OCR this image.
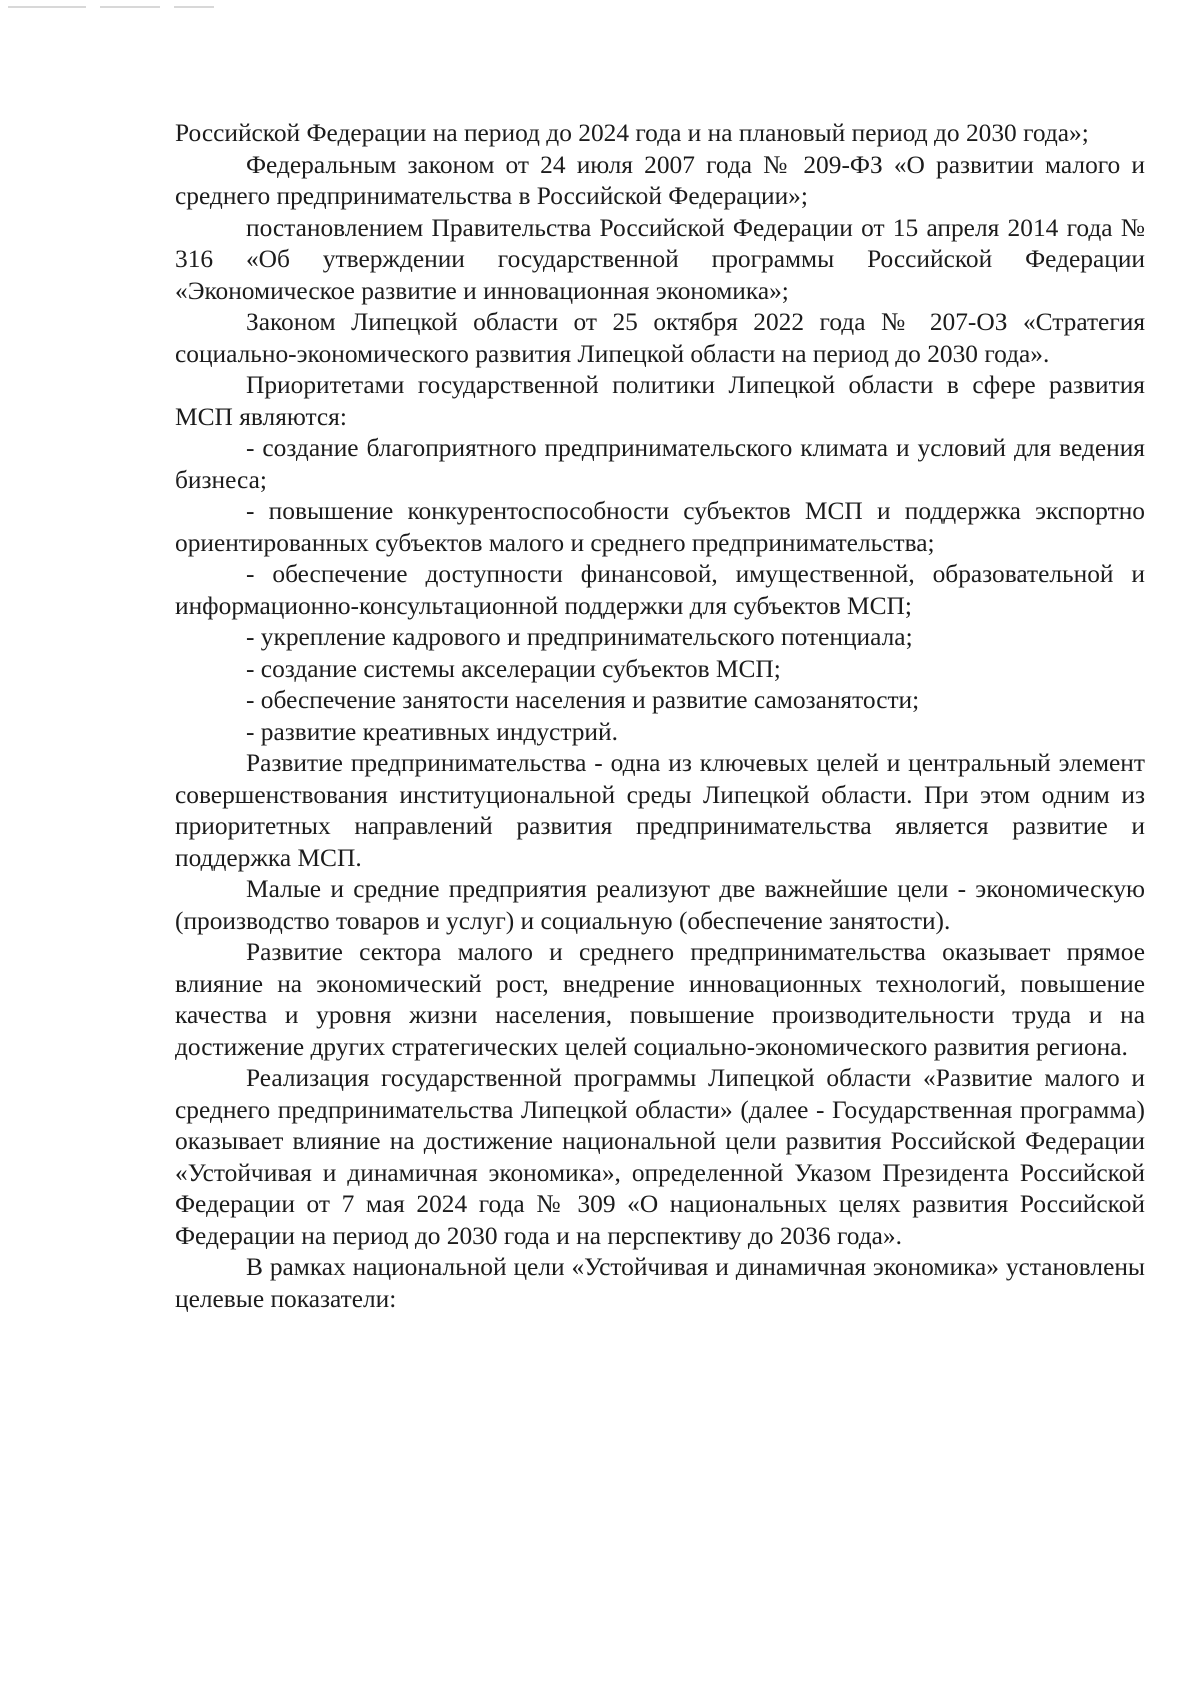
Российской Федерации на период до 2024 года и на плановый период до 2030 года»;

Федеральным законом от 24 июля 2007 года № 209-ФЗ «О развитии малого и среднего предпринимательства в Российской Федерации»;

постановлением Правительства Российской Федерации от 15 апреля 2014 года № 316 «Об утверждении государственной программы Российской Федерации «Экономическое развитие и инновационная экономика»;

Законом Липецкой области от 25 октября 2022 года № 207-ОЗ «Стратегия социально-экономического развития Липецкой области на период до 2030 года».

Приоритетами государственной политики Липецкой области в сфере развития МСП являются:

- создание благоприятного предпринимательского климата и условий для ведения бизнеса;

- повышение конкурентоспособности субъектов МСП и поддержка экспортно ориентированных субъектов малого и среднего предпринимательства;

- обеспечение доступности финансовой, имущественной, образовательной и информационно-консультационной поддержки для субъектов МСП;

- укрепление кадрового и предпринимательского потенциала;

- создание системы акселерации субъектов МСП;

- обеспечение занятости населения и развитие самозанятости;

- развитие креативных индустрий.

Развитие предпринимательства - одна из ключевых целей и центральный элемент совершенствования институциональной среды Липецкой области. При этом одним из приоритетных направлений развития предпринимательства является развитие и поддержка МСП.

Малые и средние предприятия реализуют две важнейшие цели - экономическую (производство товаров и услуг) и социальную (обеспечение занятости).

Развитие сектора малого и среднего предпринимательства оказывает прямое влияние на экономический рост, внедрение инновационных технологий, повышение качества и уровня жизни населения, повышение производительности труда и на достижение других стратегических целей социально-экономического развития региона.

Реализация государственной программы Липецкой области «Развитие малого и среднего предпринимательства Липецкой области» (далее - Государственная программа) оказывает влияние на достижение национальной цели развития Российской Федерации «Устойчивая и динамичная экономика», определенной Указом Президента Российской Федерации от 7 мая 2024 года № 309 «О национальных целях развития Российской Федерации на период до 2030 года и на перспективу до 2036 года».

В рамках национальной цели «Устойчивая и динамичная экономика» установлены целевые показатели:
